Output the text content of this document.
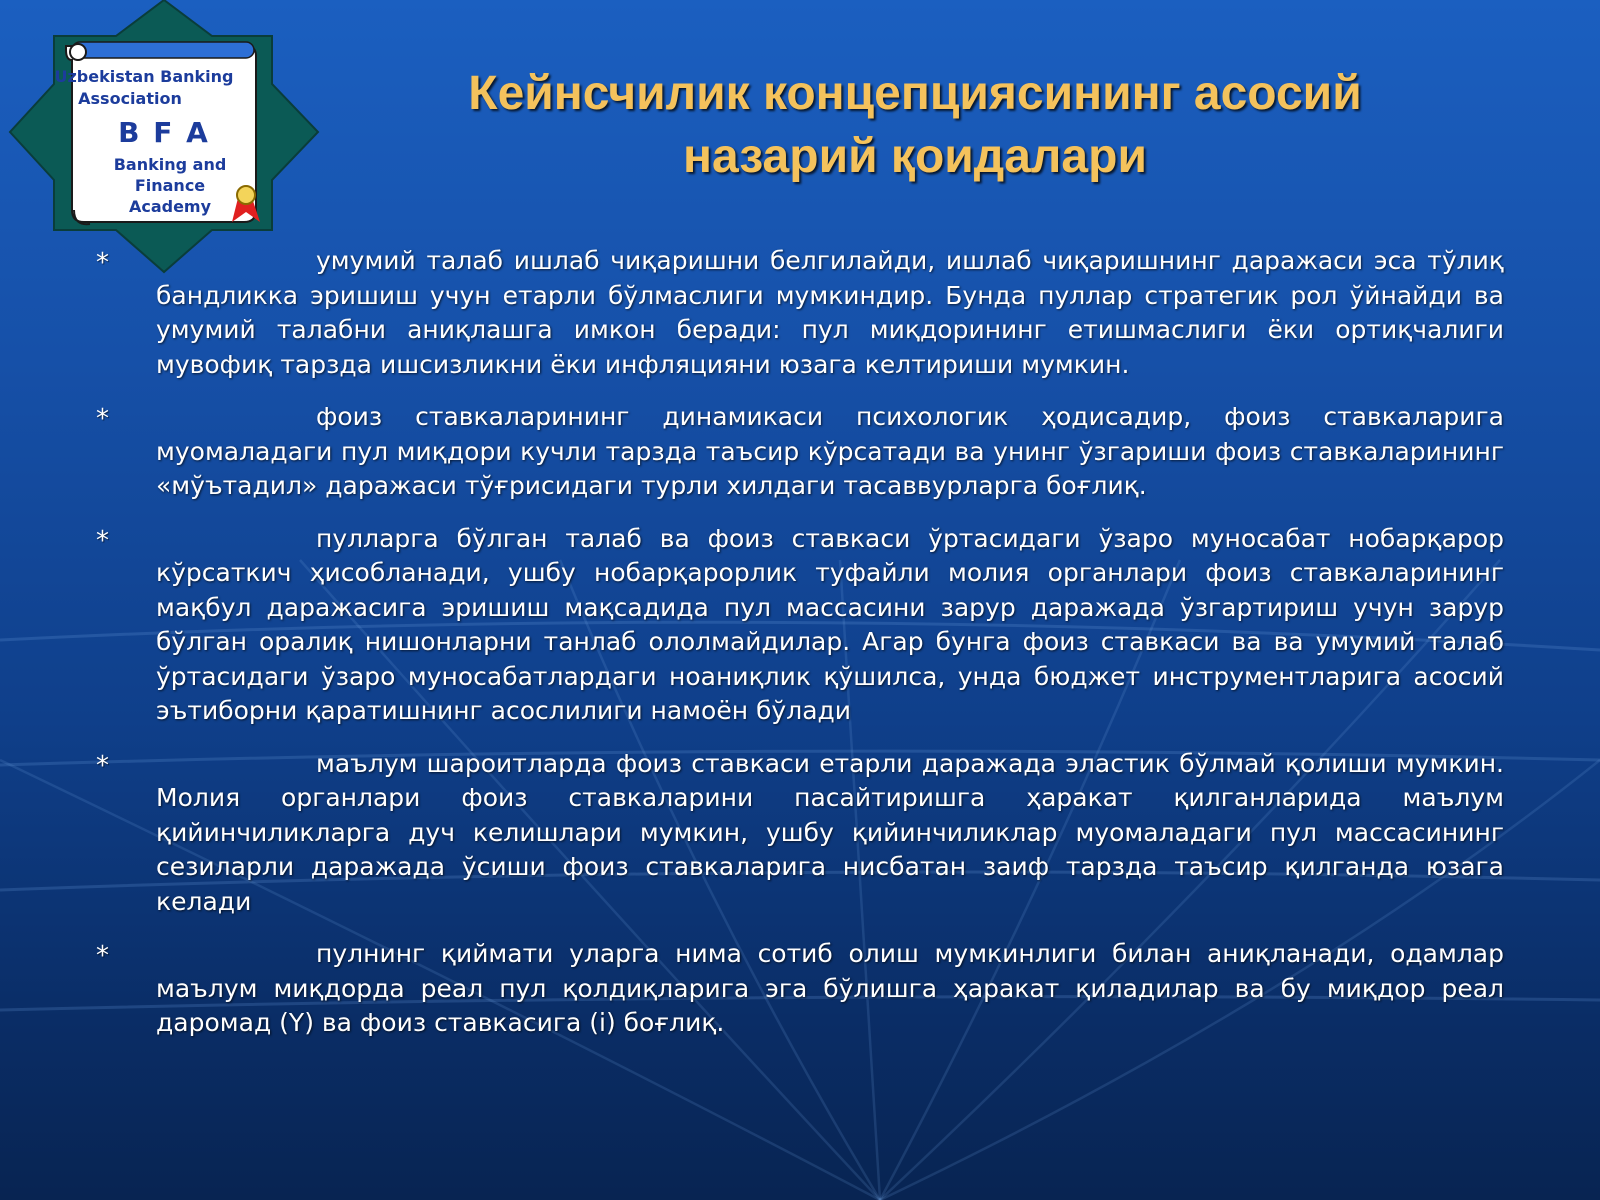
Uzbekistan Banking
Association
B F A
Banking and
Finance
Academy
Кейнсчилик концепциясининг асосий
назарий қоидалари
*	умумий талаб ишлаб чиқаришни белгилайди, ишлаб чиқаришнинг даражаси эса тўлиқ бандликка эришиш учун етарли бўлмаслиги мумкиндир. Бунда пуллар стратегик рол ўйнайди ва умумий талабни аниқлашга имкон беради: пул миқдорининг етишмаслиги ёки ортиқчалиги мувофиқ тарзда ишсизликни ёки инфляцияни юзага келтириши мумкин.
*	фоиз ставкаларининг динамикаси психологик ҳодисадир, фоиз ставкаларига муомаладаги пул миқдори кучли тарзда таъсир кўрсатади ва унинг ўзгариши фоиз ставкаларининг «мўътадил» даражаси тўғрисидаги турли хилдаги тасаввурларга боғлиқ.
*	пулларга бўлган талаб ва фоиз ставкаси ўртасидаги ўзаро муносабат нобарқарор кўрсаткич ҳисобланади, ушбу нобарқарорлик туфайли молия органлари фоиз ставкаларининг мақбул даражасига эришиш мақсадида пул массасини зарур даражада ўзгартириш учун зарур бўлган оралиқ нишонларни танлаб ололмайдилар. Агар бунга фоиз ставкаси ва ва умумий талаб ўртасидаги ўзаро муносабатлардаги ноаниқлик қўшилса, унда бюджет инструментларига асосий эътиборни қаратишнинг асослилиги намоён бўлади
*	маълум шароитларда фоиз ставкаси етарли даражада эластик бўлмай қолиши мумкин. Молия органлари фоиз ставкаларини пасайтиришга ҳаракат қилганларида маълум қийинчиликларга дуч келишлари мумкин, ушбу қийинчиликлар муомаладаги пул массасининг сезиларли даражада ўсиши фоиз ставкаларига нисбатан заиф тарзда таъсир қилганда юзага келади
*	пулнинг қиймати уларга нима сотиб олиш мумкинлиги билан аниқланади, одамлар маълум миқдорда реал пул қолдиқларига эга бўлишга ҳаракат қиладилар ва бу миқдор реал даромад (Y) ва фоиз ставкасига (i) боғлиқ.
